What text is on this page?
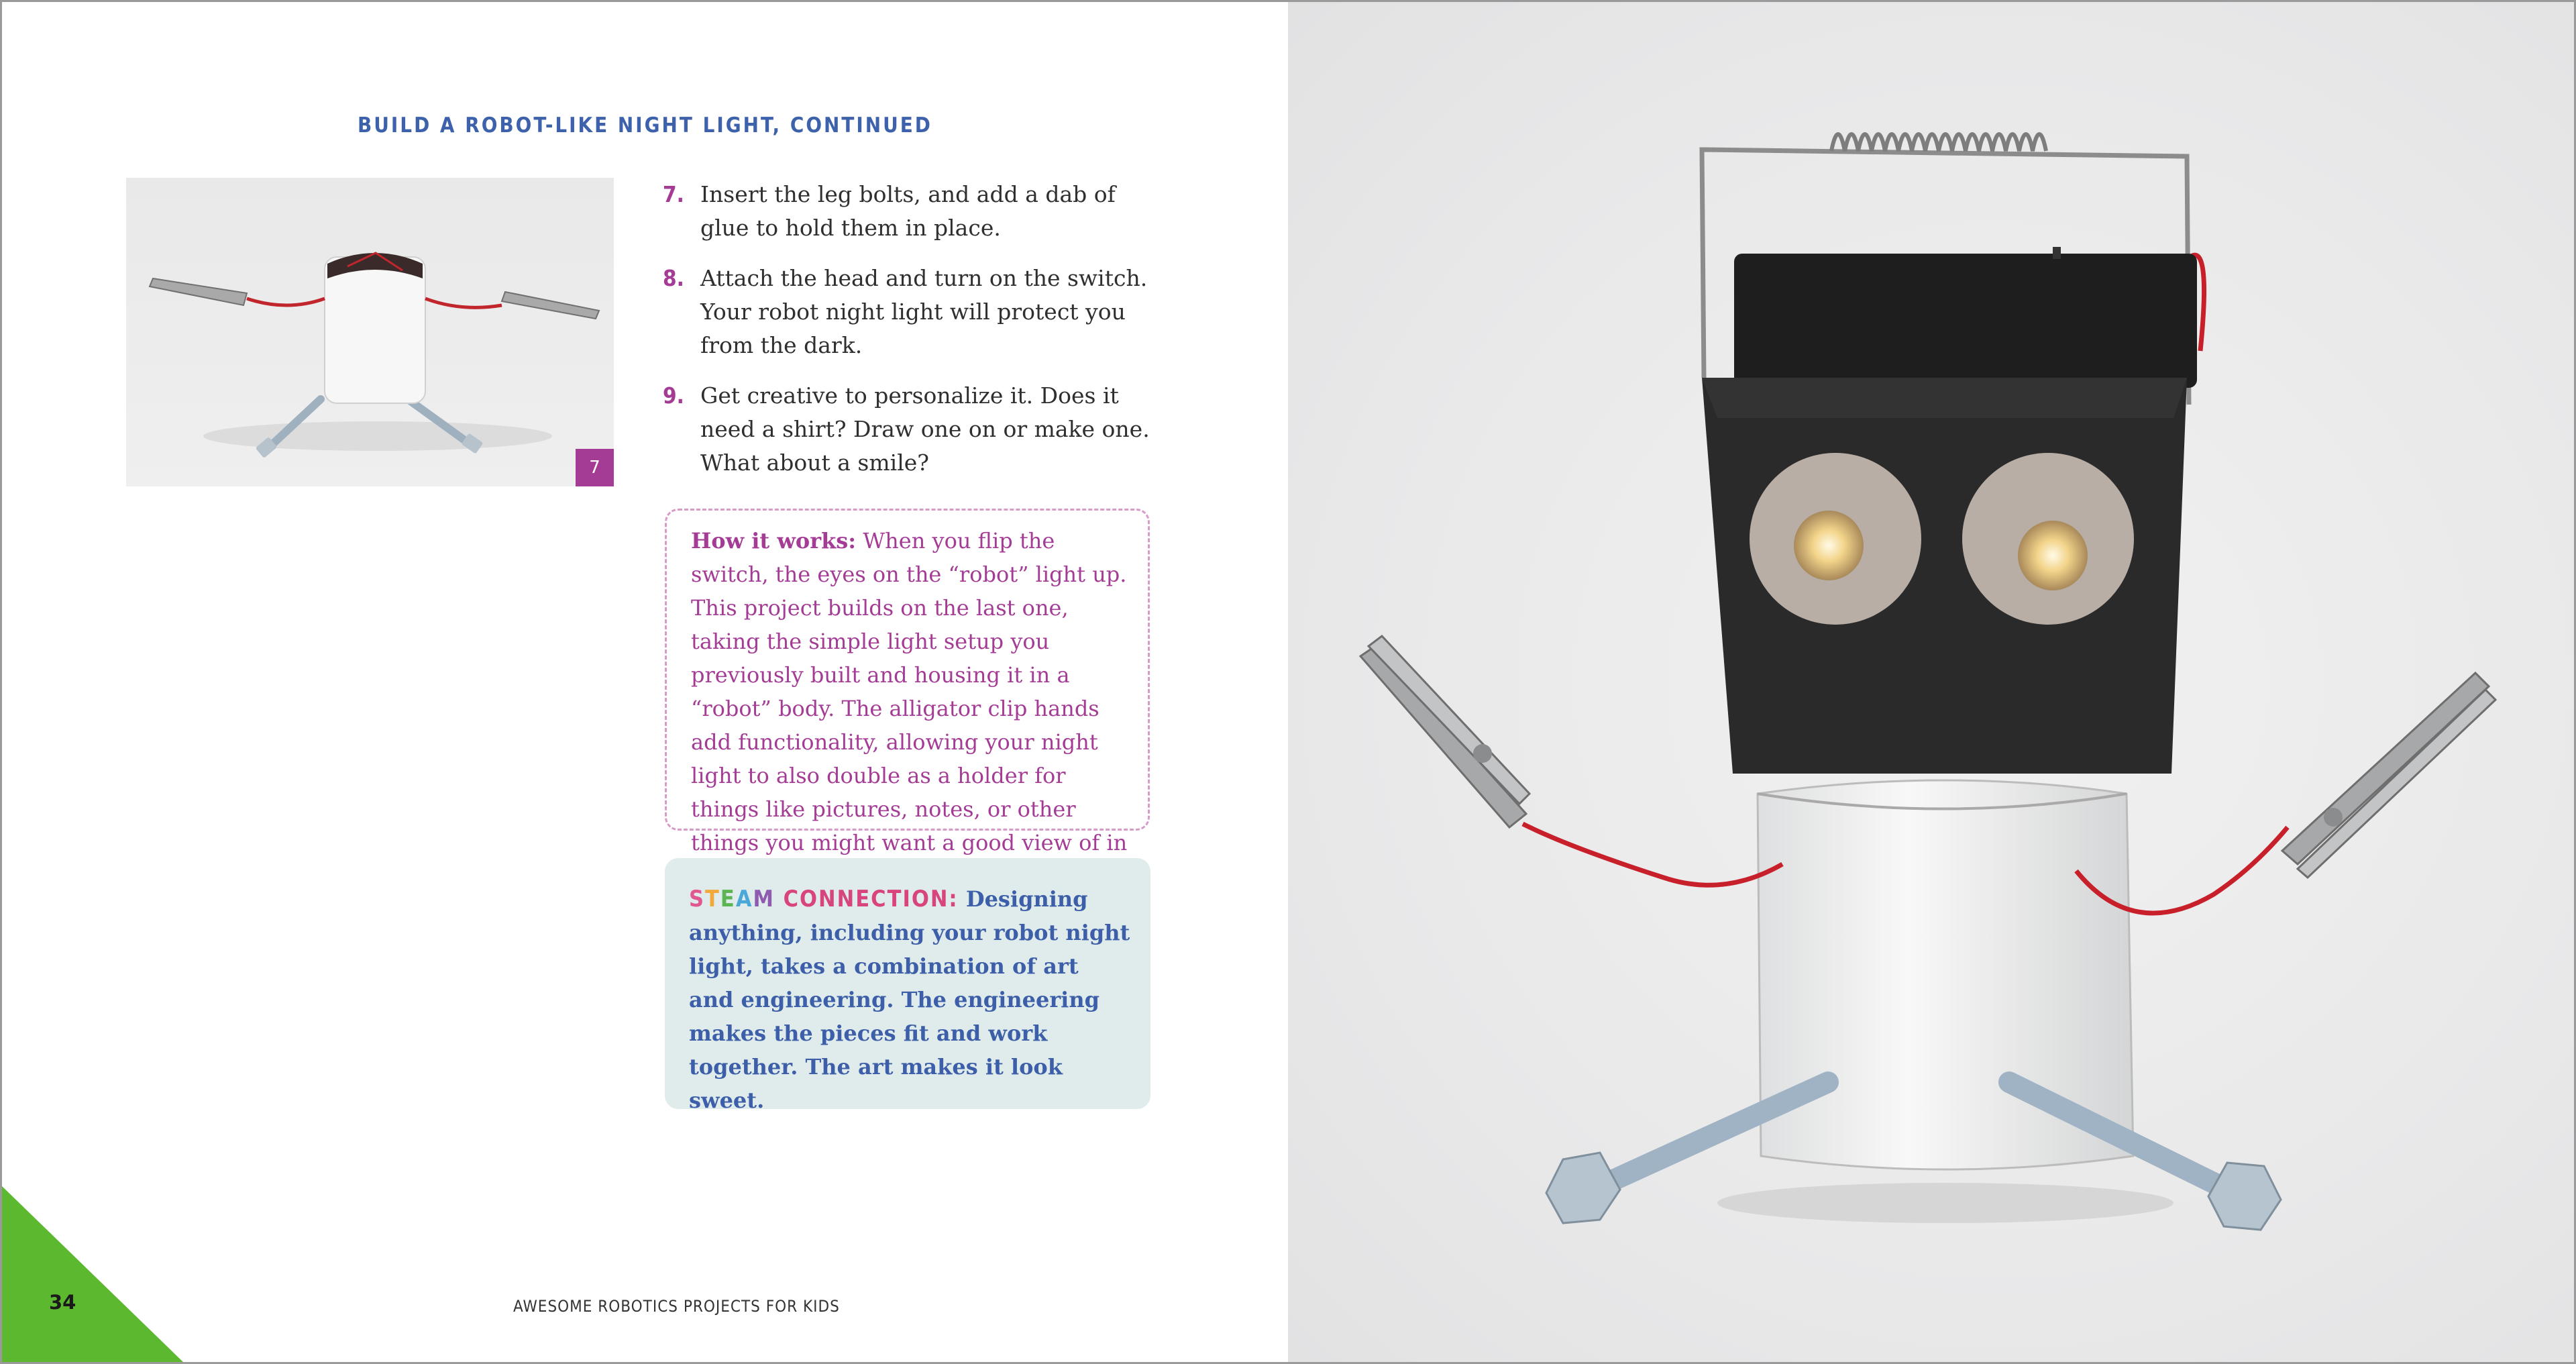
BUILD A ROBOT-LIKE NIGHT LIGHT, CONTINUED
7
7. Insert the leg bolts, and add a dab of glue to hold them in place.
8. Attach the head and turn on the switch. Your robot night light will protect you from the dark.
9. Get creative to personalize it. Does it need a shirt? Draw one on or make one. What about a smile?
How it works: When you flip the switch, the eyes on the “robot” light up. This project builds on the last one, taking the simple light setup you previously built and housing it in a “robot” body. The alligator clip hands add functionality, allowing your night light to also double as a holder for things like pictures, notes, or other things you might want a good view of in
STEAM CONNECTION: Designing anything, including your robot night light, takes a combination of art and engineering. The engineering makes the pieces fit and work together. The art makes it look sweet.
34	AWESOME ROBOTICS PROJECTS FOR KIDS
